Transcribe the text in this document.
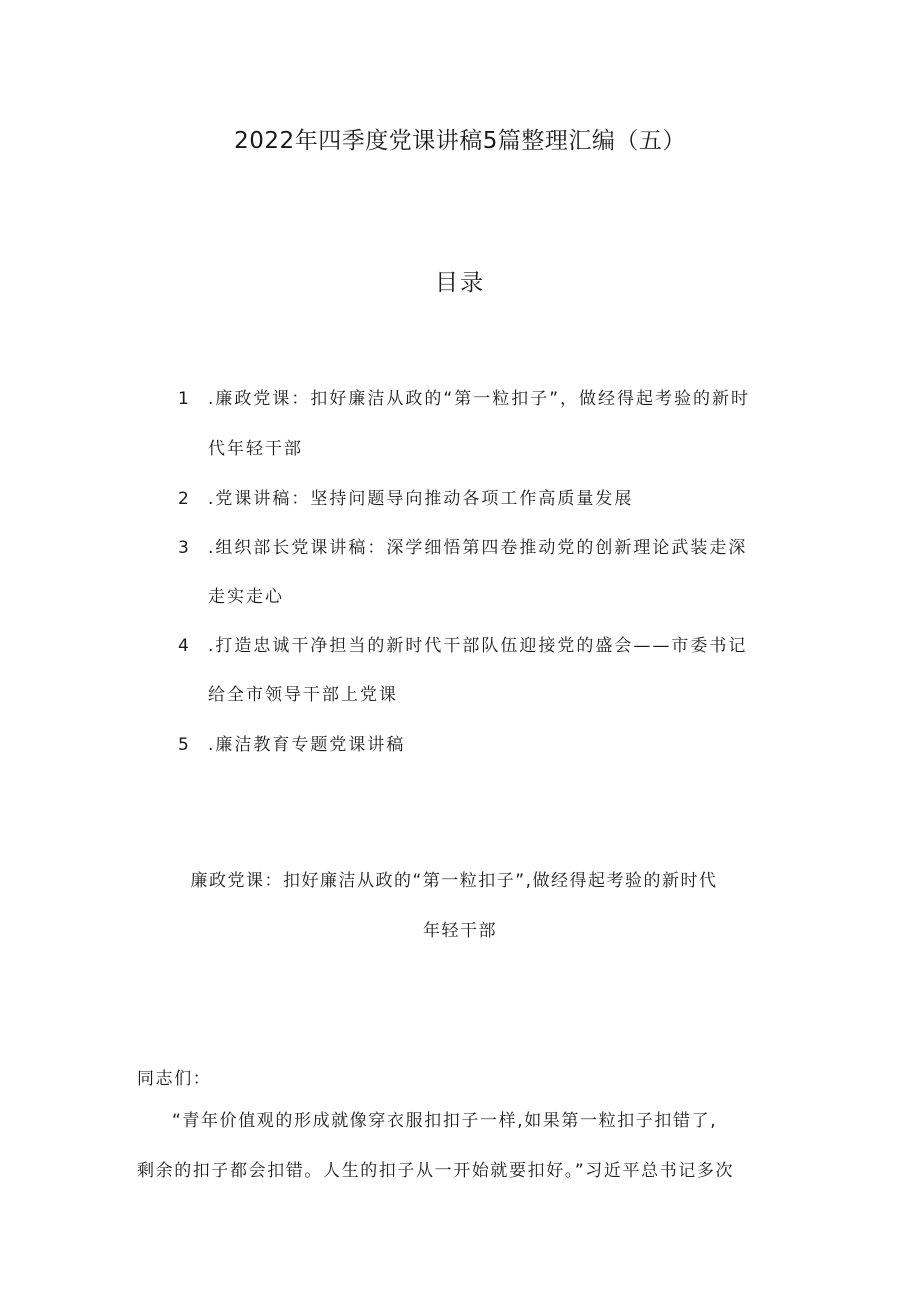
2022年四季度党课讲稿5篇整理汇编（五）
目录
1 .廉政党课：扣好廉洁从政的“第一粒扣子”，做经得起考验的新时
代年轻干部
2 .党课讲稿：坚持问题导向推动各项工作高质量发展
3 .组织部长党课讲稿：深学细悟第四卷推动党的创新理论武装走深
走实走心
4 .打造忠诚干净担当的新时代干部队伍迎接党的盛会——市委书记
给全市领导干部上党课
5 .廉洁教育专题党课讲稿
廉政党课：扣好廉洁从政的“第一粒扣子”,做经得起考验的新时代
年轻干部
同志们：
“青年价值观的形成就像穿衣服扣扣子一样,如果第一粒扣子扣错了,
剩余的扣子都会扣错。人生的扣子从一开始就要扣好。”习近平总书记多次
